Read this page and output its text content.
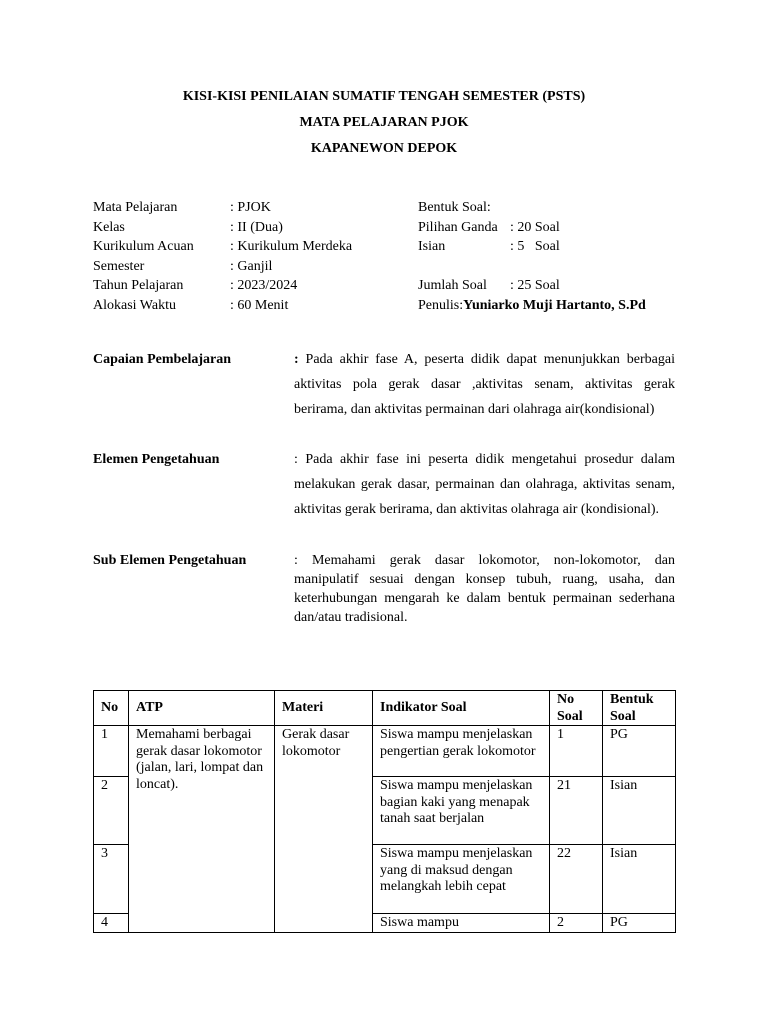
KISI-KISI PENILAIAN SUMATIF TENGAH SEMESTER (PSTS)
MATA PELAJARAN PJOK
KAPANEWON DEPOK
Mata Pelajaran	: PJOK
Kelas	: II (Dua)
Kurikulum Acuan	: Kurikulum Merdeka
Semester	: Ganjil
Tahun Pelajaran	: 2023/2024
Alokasi Waktu	: 60 Menit
Bentuk Soal:
Pilihan Ganda : 20 Soal
Isian	: 5   Soal
Jumlah Soal : 25 Soal
Penulis:Yuniarko Muji Hartanto, S.Pd
Capaian Pembelajaran	: Pada akhir fase A, peserta didik dapat menunjukkan berbagai aktivitas pola gerak dasar ,aktivitas senam, aktivitas gerak berirama, dan aktivitas permainan dari olahraga air(kondisional)
Elemen Pengetahuan	: Pada akhir fase ini peserta didik mengetahui prosedur dalam melakukan gerak dasar, permainan dan olahraga, aktivitas senam, aktivitas gerak berirama, dan aktivitas olahraga air (kondisional).
Sub Elemen Pengetahuan	: Memahami gerak dasar lokomotor, non-lokomotor, dan manipulatif sesuai dengan konsep tubuh, ruang, usaha, dan keterhubungan mengarah ke dalam bentuk permainan sederhana dan/atau tradisional.
No	ATP	Materi	Indikator Soal	No Soal	Bentuk Soal
1	Memahami berbagai gerak dasar lokomotor (jalan, lari, lompat dan loncat).	Gerak dasar lokomotor	Siswa mampu menjelaskan pengertian gerak lokomotor	1	PG
2			Siswa mampu menjelaskan bagian kaki yang menapak tanah saat berjalan	21	Isian
3			Siswa mampu menjelaskan yang di maksud dengan melangkah lebih cepat	22	Isian
4			Siswa mampu	2	PG
